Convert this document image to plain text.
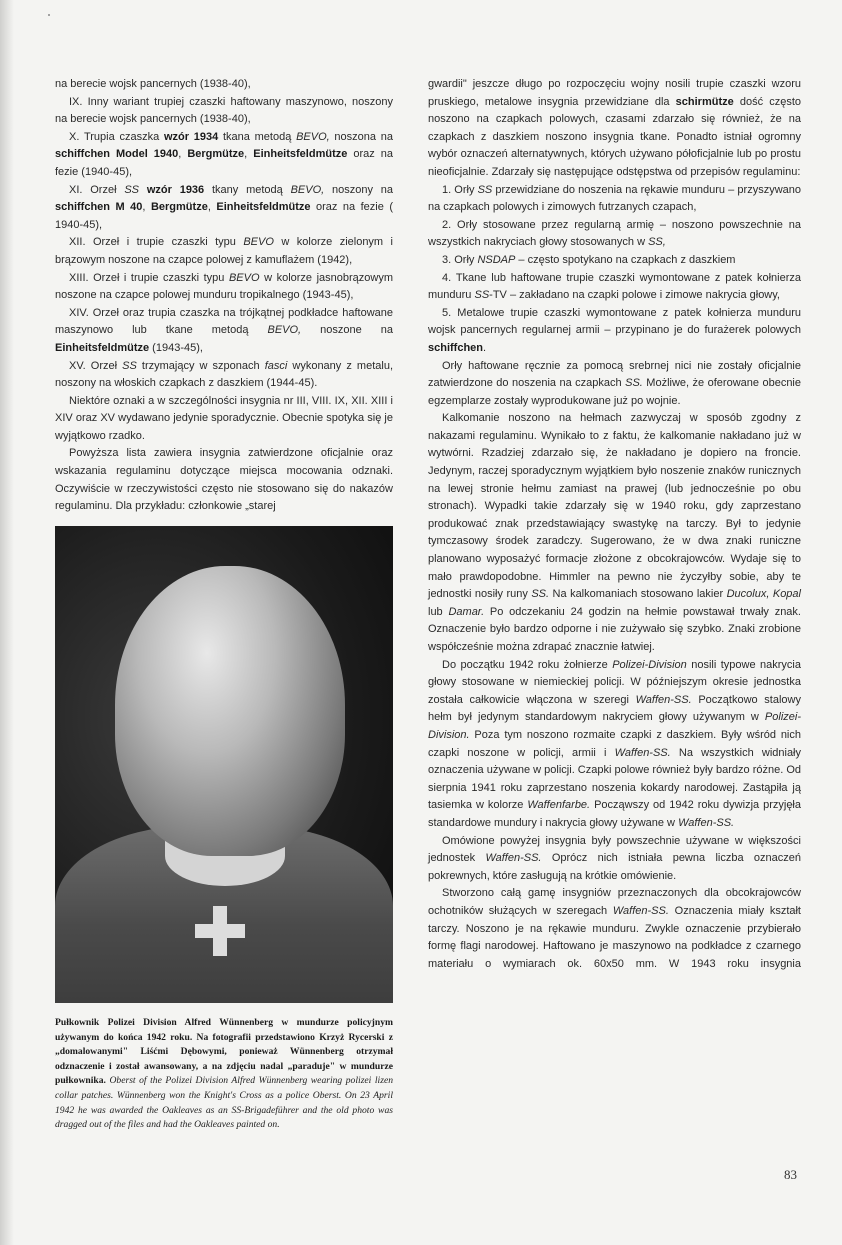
na berecie wojsk pancernych (1938-40),

IX. Inny wariant trupiej czaszki haftowany maszynowo, noszony na berecie wojsk pancernych (1938-40),

X. Trupia czaszka wzór 1934 tkana metodą BEVO, noszona na schiffchen Model 1940, Bergmütze, Einheitsfeldmütze oraz na fezie (1940-45),

XI. Orzeł SS wzór 1936 tkany metodą BEVO, noszony na schiffchen M 40, Bergmütze, Einheitsfeldmütze oraz na fezie ( 1940-45),

XII. Orzeł i trupie czaszki typu BEVO w kolorze zielonym i brązowym noszone na czapce polowej z kamuflażem (1942),

XIII. Orzeł i trupie czaszki typu BEVO w kolorze jasnobrązowym noszone na czapce polowej munduru tropikalnego (1943-45),

XIV. Orzeł oraz trupia czaszka na trójkątnej podkładce haftowane maszynowo lub tkane metodą BEVO, noszone na Einheitsfeldmütze (1943-45),

XV. Orzeł SS trzymający w szponach fasci wykonany z metalu, noszony na włoskich czapkach z daszkiem (1944-45).

Niektóre oznaki a w szczególności insygnia nr III, VIII. IX, XII. XIII i XIV oraz XV wydawano jedynie sporadycznie. Obecnie spotyka się je wyjątkowo rzadko.

Powyższa lista zawiera insygnia zatwierdzone oficjalnie oraz wskazania regulaminu dotyczące miejsca mocowania odznaki. Oczywiście w rzeczywistości często nie stosowano się do nakazów regulaminu. Dla przykładu: członkowie „starej

Pułkownik Polizei Division Alfred Wünnenberg w mundurze policyjnym używanym do końca 1942 roku. Na fotografii przedstawiono Krzyż Rycerski z „domalowanymi" Liśćmi Dębowymi, ponieważ Wünnenberg otrzymał odznaczenie i został awansowany, a na zdjęciu nadal „paraduje" w mundurze pułkownika. Oberst of the Polizei Division Alfred Wünnenberg wearing polizei lizen collar patches. Wünnenberg won the Knight's Cross as a police Oberst. On 23 April 1942 he was awarded the Oakleaves as an SS-Brigadeführer and the old photo was dragged out of the files and had the Oakleaves painted on.

gwardii" jeszcze długo po rozpoczęciu wojny nosili trupie czaszki wzoru pruskiego, metalowe insygnia przewidziane dla schirmütze dość często noszono na czapkach polowych, czasami zdarzało się również, że na czapkach z daszkiem noszono insygnia tkane. Ponadto istniał ogromny wybór oznaczeń alternatywnych, których używano półoficjalnie lub po prostu nieoficjalnie. Zdarzały się następujące odstępstwa od przepisów regulaminu:

1. Orły SS przewidziane do noszenia na rękawie munduru – przyszywano na czapkach polowych i zimowych futrzanych czapach,

2. Orły stosowane przez regularną armię – noszono powszechnie na wszystkich nakryciach głowy stosowanych w SS,

3. Orły NSDAP – często spotykano na czapkach z daszkiem

4. Tkane lub haftowane trupie czaszki wymontowane z patek kołnierza munduru SS-TV – zakładano na czapki polowe i zimowe nakrycia głowy,

5. Metalowe trupie czaszki wymontowane z patek kołnierza munduru wojsk pancernych regularnej armii – przypinano je do furażerek polowych schiffchen.

Orły haftowane ręcznie za pomocą srebrnej nici nie zostały oficjalnie zatwierdzone do noszenia na czapkach SS. Możliwe, że oferowane obecnie egzemplarze zostały wyprodukowane już po wojnie.

Kalkomanie noszono na hełmach zazwyczaj w sposób zgodny z nakazami regulaminu. Wynikało to z faktu, że kalkomanie nakładano już w wytwórni. Rzadziej zdarzało się, że nakładano je dopiero na froncie. Jedynym, raczej sporadycznym wyjątkiem było noszenie znaków runicznych na lewej stronie hełmu zamiast na prawej (lub jednocześnie po obu stronach). Wypadki takie zdarzały się w 1940 roku, gdy zaprzestano produkować znak przedstawiający swastykę na tarczy. Był to jedynie tymczasowy środek zaradczy. Sugerowano, że w dwa znaki runiczne planowano wyposażyć formacje złożone z obcokrajowców. Wydaje się to mało prawdopodobne. Himmler na pewno nie życzyłby sobie, aby te jednostki nosiły runy SS. Na kalkomaniach stosowano lakier Ducolux, Kopal lub Damar. Po odczekaniu 24 godzin na hełmie powstawał trwały znak. Oznaczenie było bardzo odporne i nie zużywało się szybko. Znaki zrobione współcześnie można zdrapać znacznie łatwiej.

Do początku 1942 roku żołnierze Polizei-Division nosili typowe nakrycia głowy stosowane w niemieckiej policji. W późniejszym okresie jednostka została całkowicie włączona w szeregi Waffen-SS. Początkowo stalowy hełm był jedynym standardowym nakryciem głowy używanym w Polizei-Division. Poza tym noszono rozmaite czapki z daszkiem. Były wśród nich czapki noszone w policji, armii i Waffen-SS. Na wszystkich widniały oznaczenia używane w policji. Czapki polowe również były bardzo różne. Od sierpnia 1941 roku zaprzestano noszenia kokardy narodowej. Zastąpiła ją tasiemka w kolorze Waffenfarbe. Począwszy od 1942 roku dywizja przyjęła standardowe mundury i nakrycia głowy używane w Waffen-SS.

Omówione powyżej insygnia były powszechnie używane w większości jednostek Waffen-SS. Oprócz nich istniała pewna liczba oznaczeń pokrewnych, które zasługują na krótkie omówienie.

Stworzono całą gamę insygniów przeznaczonych dla obcokrajowców ochotników służących w szeregach Waffen-SS. Oznaczenia miały kształt tarczy. Noszono je na rękawie munduru. Zwykle oznaczenie przybierało formę flagi narodowej. Haftowano je maszynowo na podkładce z czarnego materiału o wymiarach ok. 60x50 mm. W 1943 roku insygnia

83
